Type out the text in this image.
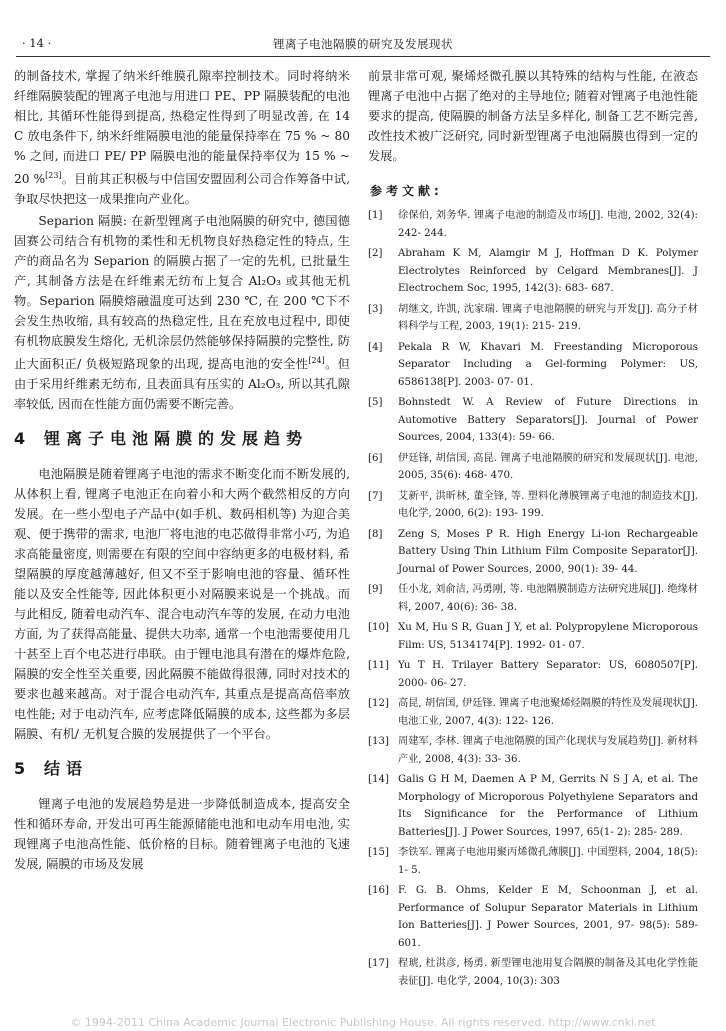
· 14 ·	锂离子电池隔膜的研究及发展现状

的制备技术, 掌握了纳米纤维膜孔隙率控制技术。同时将纳米纤维隔膜装配的锂离子电池与用进口 PE、PP 隔膜装配的电池相比, 其循环性能得到提高, 热稳定性得到了明显改善, 在 14 C 放电条件下, 纳米纤维隔膜电池的能量保持率在 75 % ~ 80 % 之间, 而进口 PE/ PP 隔膜电池的能量保持率仅为 15 % ~ 20 %[23]。目前其正积极与中信国安盟固利公司合作筹备中试, 争取尽快把这一成果推向产业化。

Separion 隔膜: 在新型锂离子电池隔膜的研究中, 德国德固赛公司结合有机物的柔性和无机物良好热稳定性的特点, 生产的商品名为 Separion 的隔膜占据了一定的先机, 已批量生产, 其制备方法是在纤维素无纺布上复合 Al₂O₃ 或其他无机物。Separion 隔膜熔融温度可达到 230 ℃, 在 200 ℃下不会发生热收缩, 具有较高的热稳定性, 且在充放电过程中, 即使有机物底膜发生熔化, 无机涂层仍然能够保持隔膜的完整性, 防止大面积正/ 负极短路现象的出现, 提高电池的安全性[24]。但由于采用纤维素无纺布, 且表面具有压实的 Al₂O₃, 所以其孔隙率较低, 因而在性能方面仍需要不断完善。

4 锂离子电池隔膜的发展趋势

电池隔膜是随着锂离子电池的需求不断变化而不断发展的, 从体积上看, 锂离子电池正在向着小和大两个截然相反的方向发展。在一些小型电子产品中(如手机、数码相机等) 为迎合美观、便于携带的需求, 电池厂将电池的电芯做得非常小巧, 为追求高能量密度, 则需要在有限的空间中容纳更多的电极材料, 希望隔膜的厚度越薄越好, 但又不至于影响电池的容量、循环性能以及安全性能等, 因此体积更小对隔膜来说是一个挑战。而与此相反, 随着电动汽车、混合电动汽车等的发展, 在动力电池方面, 为了获得高能量、提供大功率, 通常一个电池需要使用几十甚至上百个电芯进行串联。由于锂电池具有潜在的爆炸危险, 隔膜的安全性至关重要, 因此隔膜不能做得很薄, 同时对技术的要求也越来越高。对于混合电动汽车, 其重点是提高高倍率放电性能; 对于电动汽车, 应考虑降低隔膜的成本, 这些都为多层隔膜、有机/ 无机复合膜的发展提供了一个平台。

5 结语

锂离子电池的发展趋势是进一步降低制造成本, 提高安全性和循环寿命, 开发出可再生能源储能电池和电动车用电池, 实现锂离子电池高性能、低价格的目标。随着锂离子电池的飞速发展, 隔膜的市场及发展

前景非常可观, 聚烯烃微孔膜以其特殊的结构与性能, 在液态锂离子电池中占据了绝对的主导地位; 随着对锂离子电池性能要求的提高, 使隔膜的制备方法呈多样化, 制备工艺不断完善, 改性技术被广泛研究, 同时新型锂离子电池隔膜也得到一定的发展。

参考文献:
[1] 徐保伯, 刘务华. 锂离子电池的制造及市场[J]. 电池, 2002, 32(4): 242- 244.
[2] Abraham K M, Alamgir M J, Hoffman D K. Polymer Electrolytes Reinforced by Celgard Membranes[J]. J Electrochem Soc, 1995, 142(3): 683- 687.
[3] 胡继文, 许凯, 沈家瑞. 锂离子电池隔膜的研究与开发[J]. 高分子材料科学与工程, 2003, 19(1): 215- 219.
[4] Pekala R W, Khavari M. Freestanding Microporous Separator Including a Gel-forming Polymer: US, 6586138[P]. 2003- 07- 01.
[5] Bohnstedt W. A Review of Future Directions in Automotive Battery Separators[J]. Journal of Power Sources, 2004, 133(4): 59- 66.
[6] 伊廷锋, 胡信国, 高昆. 锂离子电池隔膜的研究和发展现状[J]. 电池, 2005, 35(6): 468- 470.
[7] 艾新平, 洪昕林, 董全锋, 等. 塑料化薄膜锂离子电池的制造技术[J]. 电化学, 2000, 6(2): 193- 199.
[8] Zeng S, Moses P R. High Energy Li-ion Rechargeable Battery Using Thin Lithium Film Composite Separator[J]. Journal of Power Sources, 2000, 90(1): 39- 44.
[9] 任小龙, 刘俞洁, 冯勇刚, 等. 电池隔膜制造方法研究进展[J]. 绝缘材料, 2007, 40(6): 36- 38.
[10] Xu M, Hu S R, Guan J Y, et al. Polypropylene Microporous Film: US, 5134174[P]. 1992- 01- 07.
[11] Yu T H. Trilayer Battery Separator: US, 6080507[P]. 2000- 06- 27.
[12] 高昆, 胡信国, 伊廷锋. 锂离子电池聚烯烃隔膜的特性及发展现状[J]. 电池工业, 2007, 4(3): 122- 126.
[13] 周建军, 李林. 锂离子电池隔膜的国产化现状与发展趋势[J]. 新材料产业, 2008, 4(3): 33- 36.
[14] Galis G H M, Daemen A P M, Gerrits N S J A, et al. The Morphology of Microporous Polyethylene Separators and Its Significance for the Performance of Lithium Batteries[J]. J Power Sources, 1997, 65(1- 2): 285- 289.
[15] 李铁军. 锂离子电池用聚丙烯微孔薄膜[J]. 中国塑料, 2004, 18(5): 1- 5.
[16] F. G. B. Ohms, Kelder E M, Schoonman J, et al. Performance of Solupur Separator Materials in Lithium Ion Batteries[J]. J Power Sources, 2001, 97- 98(5): 589- 601.
[17] 程琥, 杜洪彦, 杨勇. 新型锂电池用复合隔膜的制备及其电化学性能表征[J]. 电化学, 2004, 10(3): 303
© 1994-2011 China Academic Journal Electronic Publishing House. All rights reserved. http://www.cnki.net
